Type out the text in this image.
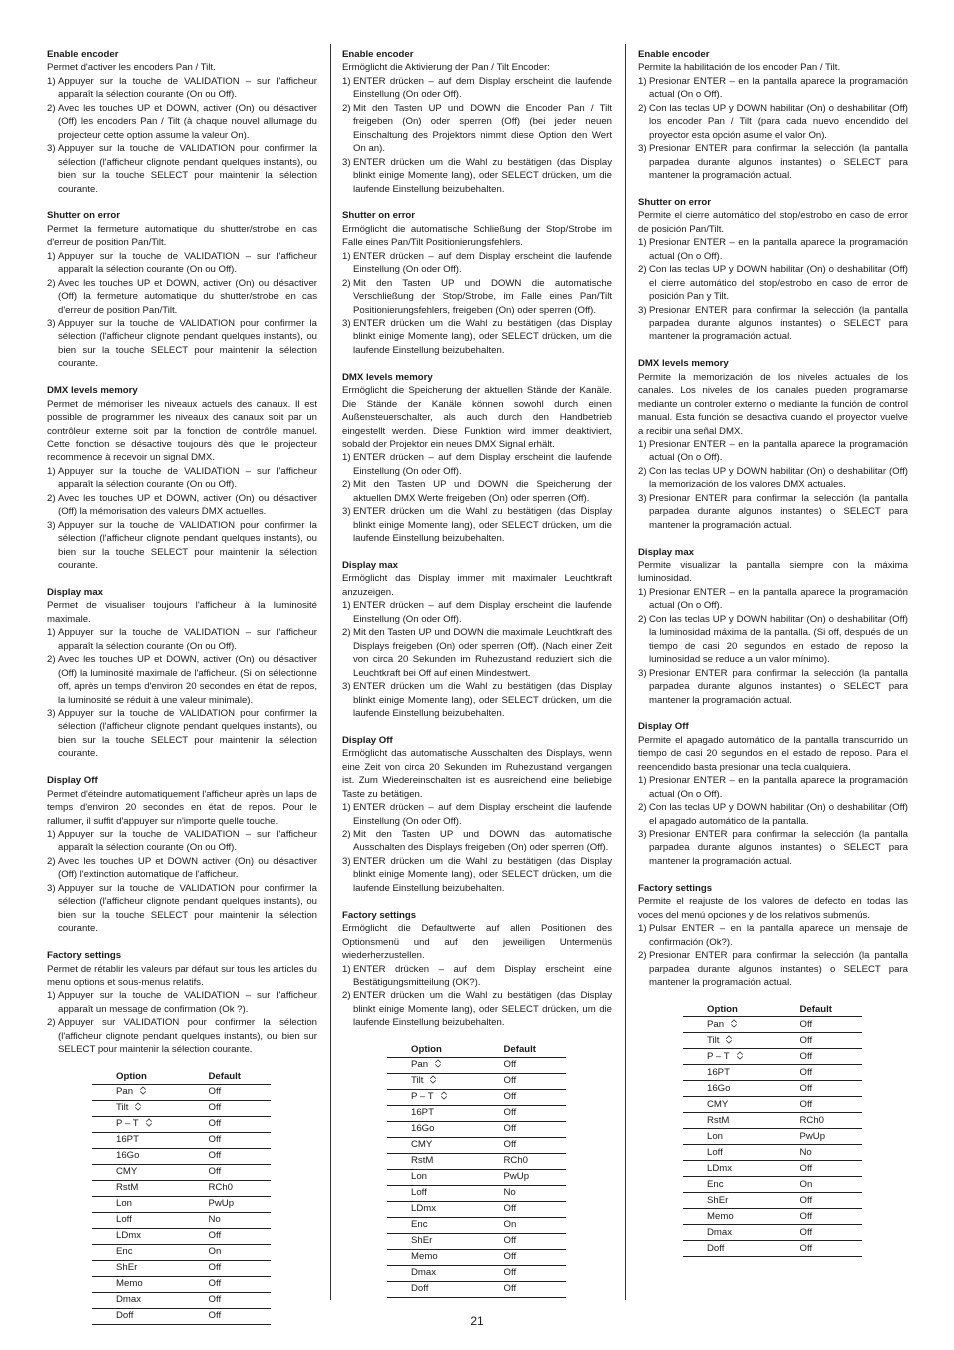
Enable encoder
Permet d'activer les encoders Pan / Tilt.
1) Appuyer sur la touche de VALIDATION – sur l'afficheur apparaît la sélection courante (On ou Off).
2) Avec les touches UP et DOWN, activer (On) ou désactiver (Off) les encoders Pan / Tilt (à chaque nouvel allumage du projecteur cette option assume la valeur On).
3) Appuyer sur la touche de VALIDATION pour confirmer la sélection (l'afficheur clignote pendant quelques instants), ou bien sur la touche SELECT pour maintenir la sélection courante.
Shutter on error
Permet la fermeture automatique du shutter/strobe en cas d'erreur de position Pan/Tilt.
1) Appuyer sur la touche de VALIDATION – sur l'afficheur apparaît la sélection courante (On ou Off).
2) Avec les touches UP et DOWN, activer (On) ou désactiver (Off) la fermeture automatique du shutter/strobe en cas d'erreur de position Pan/Tilt.
3) Appuyer sur la touche de VALIDATION pour confirmer la sélection (l'afficheur clignote pendant quelques instants), ou bien sur la touche SELECT pour maintenir la sélection courante.
DMX levels memory
Permet de mémoriser les niveaux actuels des canaux. Il est possible de programmer les niveaux des canaux soit par un contrôleur externe soit par la fonction de contrôle manuel. Cette fonction se désactive toujours dès que le projecteur recommence à recevoir un signal DMX.
1) Appuyer sur la touche de VALIDATION – sur l'afficheur apparaît la sélection courante (On ou Off).
2) Avec les touches UP et DOWN, activer (On) ou désactiver (Off) la mémorisation des valeurs DMX actuelles.
3) Appuyer sur la touche de VALIDATION pour confirmer la sélection (l'afficheur clignote pendant quelques instants), ou bien sur la touche SELECT pour maintenir la sélection courante.
Display max
Permet de visualiser toujours l'afficheur à la luminosité maximale.
1) Appuyer sur la touche de VALIDATION – sur l'afficheur apparaît la sélection courante (On ou Off).
2) Avec les touches UP et DOWN, activer (On) ou désactiver (Off) la luminosité maximale de l'afficheur. (Si on sélectionne off, après un temps d'environ 20 secondes en état de repos, la luminosité se réduit à une valeur minimale).
3) Appuyer sur la touche de VALIDATION pour confirmer la sélection (l'afficheur clignote pendant quelques instants), ou bien sur la touche SELECT pour maintenir la sélection courante.
Display Off
Permet d'éteindre automatiquement l'afficheur après un laps de temps d'environ 20 secondes en état de repos. Pour le rallumer, il suffit d'appuyer sur n'importe quelle touche.
1) Appuyer sur la touche de VALIDATION – sur l'afficheur apparaît la sélection courante (On ou Off).
2) Avec les touches UP et DOWN activer (On) ou désactiver (Off) l'extinction automatique de l'afficheur.
3) Appuyer sur la touche de VALIDATION pour confirmer la sélection (l'afficheur clignote pendant quelques instants), ou bien sur la touche SELECT pour maintenir la sélection courante.
Factory settings
Permet de rétablir les valeurs par défaut sur tous les articles du menu options et sous-menus relatifs.
1) Appuyer sur la touche de VALIDATION – sur l'afficheur apparaît un message de confirmation (Ok ?).
2) Appuyer sur VALIDATION pour confirmer la sélection (l'afficheur clignote pendant quelques instants), ou bien sur SELECT pour maintenir la sélection courante.
Option	Default
Pan	Off
Tilt	Off
P – T	Off
16PT	Off
16Go	Off
CMY	Off
RstM	RCh0
Lon	PwUp
Loff	No
LDmx	Off
Enc	On
ShEr	Off
Memo	Off
Dmax	Off
Doff	Off
Enable encoder
Ermöglicht die Aktivierung der Pan / Tilt Encoder:
1) ENTER drücken – auf dem Display erscheint die laufende Einstellung (On oder Off).
2) Mit den Tasten UP und DOWN die Encoder Pan / Tilt freigeben (On) oder sperren (Off) (bei jeder neuen Einschaltung des Projektors nimmt diese Option den Wert On an).
3) ENTER drücken um die Wahl zu bestätigen (das Display blinkt einige Momente lang), oder SELECT drücken, um die laufende Einstellung beizubehalten.
Shutter on error
Ermöglicht die automatische Schließung der Stop/Strobe im Falle eines Pan/Tilt Positionierungsfehlers.
1) ENTER drücken – auf dem Display erscheint die laufende Einstellung (On oder Off).
2) Mit den Tasten UP und DOWN die automatische Verschließung der Stop/Strobe, im Falle eines Pan/Tilt Positionierungsfehlers, freigeben (On) oder sperren (Off).
3) ENTER drücken um die Wahl zu bestätigen (das Display blinkt einige Momente lang), oder SELECT drücken, um die laufende Einstellung beizubehalten.
DMX levels memory
Ermöglicht die Speicherung der aktuellen Stände der Kanäle. Die Stände der Kanäle können sowohl durch einen Außensteuerschalter, als auch durch den Handbetrieb eingestellt werden. Diese Funktion wird immer deaktiviert, sobald der Projektor ein neues DMX Signal erhält.
1) ENTER drücken – auf dem Display erscheint die laufende Einstellung (On oder Off).
2) Mit den Tasten UP und DOWN die Speicherung der aktuellen DMX Werte freigeben (On) oder sperren (Off).
3) ENTER drücken um die Wahl zu bestätigen (das Display blinkt einige Momente lang), oder SELECT drücken, um die laufende Einstellung beizubehalten.
Display max
Ermöglicht das Display immer mit maximaler Leuchtkraft anzuzeigen.
1) ENTER drücken – auf dem Display erscheint die laufende Einstellung (On oder Off).
2) Mit den Tasten UP und DOWN die maximale Leuchtkraft des Displays freigeben (On) oder sperren (Off). (Nach einer Zeit von circa 20 Sekunden im Ruhezustand reduziert sich die Leuchtkraft bei Off auf einen Mindestwert.
3) ENTER drücken um die Wahl zu bestätigen (das Display blinkt einige Momente lang), oder SELECT drücken, um die laufende Einstellung beizubehalten.
Display Off
Ermöglicht das automatische Ausschalten des Displays, wenn eine Zeit von circa 20 Sekunden im Ruhezustand vergangen ist. Zum Wiedereinschalten ist es ausreichend eine beliebige Taste zu betätigen.
1) ENTER drücken – auf dem Display erscheint die laufende Einstellung (On oder Off).
2) Mit den Tasten UP und DOWN das automatische Ausschalten des Displays freigeben (On) oder sperren (Off).
3) ENTER drücken um die Wahl zu bestätigen (das Display blinkt einige Momente lang), oder SELECT drücken, um die laufende Einstellung beizubehalten.
Factory settings
Ermöglicht die Defaultwerte auf allen Positionen des Optionsmenü und auf den jeweiligen Untermenüs wiederherzustellen.
1) ENTER drücken – auf dem Display erscheint eine Bestätigungsmitteilung (OK?).
2) ENTER drücken um die Wahl zu bestätigen (das Display blinkt einige Momente lang), oder SELECT drücken, um die laufende Einstellung beizubehalten.
Option	Default
Pan	Off
Tilt	Off
P – T	Off
16PT	Off
16Go	Off
CMY	Off
RstM	RCh0
Lon	PwUp
Loff	No
LDmx	Off
Enc	On
ShEr	Off
Memo	Off
Dmax	Off
Doff	Off
Enable encoder
Permite la habilitación de los encoder Pan / Tilt.
1) Presionar ENTER – en la pantalla aparece la programación actual (On o Off).
2) Con las teclas UP y DOWN habilitar (On) o deshabilitar (Off) los encoder Pan / Tilt (para cada nuevo encendido del proyector esta opción asume el valor On).
3) Presionar ENTER para confirmar la selección (la pantalla parpadea durante algunos instantes) o SELECT para mantener la programación actual.
Shutter on error
Permite el cierre automático del stop/estrobo en caso de error de posición Pan/Tilt.
1) Presionar ENTER – en la pantalla aparece la programación actual (On o Off).
2) Con las teclas UP y DOWN habilitar (On) o deshabilitar (Off) el cierre automático del stop/estrobo en caso de error de posición Pan y Tilt.
3) Presionar ENTER para confirmar la selección (la pantalla parpadea durante algunos instantes) o SELECT para mantener la programación actual.
DMX levels memory
Permite la memorización de los niveles actuales de los canales. Los niveles de los canales pueden programarse mediante un controler externo o mediante la función de control manual. Esta función se desactiva cuando el proyector vuelve a recibir una señal DMX.
1) Presionar ENTER – en la pantalla aparece la programación actual (On o Off).
2) Con las teclas UP y DOWN habilitar (On) o deshabilitar (Off) la memorización de los valores DMX actuales.
3) Presionar ENTER para confirmar la selección (la pantalla parpadea durante algunos instantes) o SELECT para mantener la programación actual.
Display max
Permite visualizar la pantalla siempre con la máxima luminosidad.
1) Presionar ENTER – en la pantalla aparece la programación actual (On o Off).
2) Con las teclas UP y DOWN habilitar (On) o deshabilitar (Off) la luminosidad máxima de la pantalla. (Si off, después de un tiempo de casi 20 segundos en estado de reposo la luminosidad se reduce a un valor mínimo).
3) Presionar ENTER para confirmar la selección (la pantalla parpadea durante algunos instantes) o SELECT para mantener la programación actual.
Display Off
Permite el apagado automático de la pantalla transcurrido un tiempo de casi 20 segundos en el estado de reposo. Para el reencendido basta presionar una tecla cualquiera.
1) Presionar ENTER – en la pantalla aparece la programación actual (On o Off).
2) Con las teclas UP y DOWN habilitar (On) o deshabilitar (Off) el apagado automático de la pantalla.
3) Presionar ENTER para confirmar la selección (la pantalla parpadea durante algunos instantes) o SELECT para mantener la programación actual.
Factory settings
Permite el reajuste de los valores de defecto en todas las voces del menú opciones y de los relativos submenús.
1) Pulsar ENTER – en la pantalla aparece un mensaje de confirmación (Ok?).
2) Presionar ENTER para confirmar la selección (la pantalla parpadea durante algunos instantes) o SELECT para mantener la programación actual.
Option	Default
Pan	Off
Tilt	Off
P – T	Off
16PT	Off
16Go	Off
CMY	Off
RstM	RCh0
Lon	PwUp
Loff	No
LDmx	Off
Enc	On
ShEr	Off
Memo	Off
Dmax	Off
Doff	Off
21
